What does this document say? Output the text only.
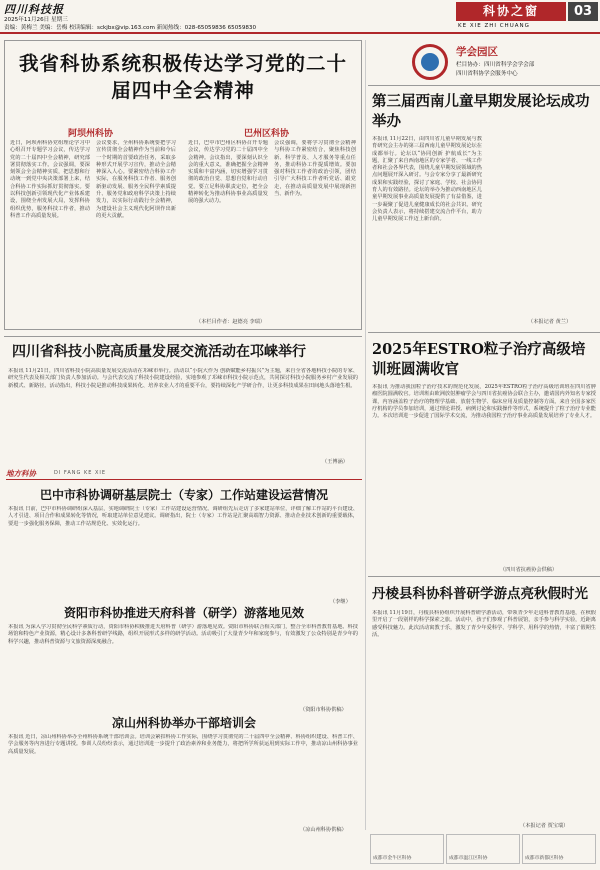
四川科技报
2025年11月26日 星期三
责编：黄梅兰 美编：岳梅 校读编辑：sckjbx@vip.163.com 新闻热线：028-65059836 65059830
科协之窗	03
KE XIE ZHI CHUANG
我省科协系统积极传达学习党的二十届四中全会精神
阿坝州科协	巴州区科协
近日，阿坝州科协党组理论学习中心组召开专题学习会议，传达学习党的二十届四中全会精神，研究部署贯彻落实工作。会议强调，要深刻领会全会精神实质，把思想和行动统一到党中央决策部署上来，结合科协工作实际抓好贯彻落实。要以科技创新引领现代化产业体系建设，围绕全州发展大局，发挥科协组织优势，服务科技工作者，推动科普工作高质量发展。
会议要求，全州科协系统要把学习宣传贯彻全会精神作为当前和今后一个时期的首要政治任务，采取多种形式开展学习宣传，推动全会精神深入人心。要紧密结合科协工作实际，在服务科技工作者、服务创新驱动发展、服务全民科学素质提升、服务党和政府科学决策上持续发力，以实际行动践行全会精神，为建设社会主义现代化阿坝作出新的更大贡献。
近日，巴中市巴州区科协召开专题会议，传达学习党的二十届四中全会精神。会议指出，要深刻认识全会的重大意义，准确把握全会精神实质和丰富内涵，切实增强学习贯彻的政治自觉、思想自觉和行动自觉。要立足科协职责定位，把全会精神转化为推动科协事业高质量发展的强大动力。
会议强调，要将学习贯彻全会精神与科协工作紧密结合，聚焦科技创新、科学普及、人才服务等重点任务，推动科协工作提质增效。要加强对科技工作者的政治引领，团结引导广大科技工作者听党话、跟党走，在推动高质量发展中展现新担当、新作为。
（本栏目作者：赵德亮 李瑞）
学会园区
栏目协办：四川省科学会学会部
四川省科协学会服务中心
第三届西南儿童早期发展论坛成功举办
本报讯 11月22日，由四川省儿童早期发展与教育研究会主办的第三届西南儿童早期发展论坛在成都举行。论坛以“协同创新 护航成长”为主题，汇聚了来自西南地区的专家学者、一线工作者和社会各界代表，围绕儿童早期发展领域的热点问题展开深入研讨。与会专家分享了最新研究成果和实践经验，探讨了家庭、学校、社会协同育人的有效路径。论坛的举办为推动西南地区儿童早期发展事业高质量发展提供了有益借鉴，进一步凝聚了促进儿童健康成长的社会共识。研究会负责人表示，将持续搭建交流合作平台，助力儿童早期发展工作迈上新台阶。
（本报记者 黄兰）
四川省科技小院高质量发展交流活动在邛崃举行
本报讯 11月21日，四川省科技小院高质量发展交流活动在邛崃市举行。活动以“小院大作为 创新赋能乡村振兴”为主题，来自全省各地科技小院的专家、研究生代表及相关部门负责人参加活动。与会代表交流了科技小院建设经验，实地参观了邛崃市科技小院示范点，共同探讨科技小院服务乡村产业发展的新模式、新路径。活动指出，科技小院是推动科技成果转化、培养农业人才的重要平台，要持续深化产学研合作，让更多科技成果在田间地头落地生根。
（王博涵）
2025年ESTRO粒子治疗高级培训班圆满收官
本报讯 为推动我国粒子治疗技术的规范化发展，2025年ESTRO粒子治疗高级培训班在四川省肿瘤医院圆满收官。培训班由欧洲放射肿瘤学会与四川省抗癌协会联合主办，邀请国内外知名专家授课，内容涵盖粒子治疗的物理学基础、放射生物学、临床应用及质量控制等方面。来自全国多家医疗机构的学员参加培训，通过理论讲授、病例讨论和实践操作等形式，系统提升了粒子治疗专业能力。本次培训进一步促进了国际学术交流，为推动我国粒子治疗事业高质量发展培养了专业人才。
（四川省抗癌协会供稿）
地方科协	DI FANG KE XIE
巴中市科协调研基层院士（专家）工作站建设运营情况
本报讯 日前，巴中市科协调研组深入基层，实地调研院士（专家）工作站建设运营情况。调研组先后走访了多家建站单位，详细了解工作站的平台建设、人才引进、项目合作和成果转化等情况，听取建站单位意见建议。调研指出，院士（专家）工作站是汇聚高端智力资源、推动企业技术创新的重要载体，要进一步强化服务保障，推动工作站规范化、实效化运行。
（李继）
资阳市科协推进天府科普（研学）游落地见效
本报讯 为深入学习贯彻全民科学素质行动，资阳市科协积极推进天府科普（研学）游落地见效。资阳市科协联合相关部门，整合全市科普教育基地、科技场馆和特色产业资源，精心设计多条科普研学线路，组织开展形式多样的研学活动。活动吸引了大量青少年和家庭参与，有效激发了公众特别是青少年的科学兴趣，推动科普资源与文旅资源深度融合。
（资阳市科协供稿）
凉山州科协举办干部培训会
本报讯 近日，凉山州科协举办全州科协系统干部培训会。培训会紧扣科协工作实际，围绕学习贯彻党的二十届四中全会精神、科协组织建设、科普工作、学会服务等内容进行专题讲授。参训人员纷纷表示，通过培训进一步提升了政治素养和业务能力，将把所学所获运用到实际工作中，推动凉山州科协事业高质量发展。
（凉山州科协供稿）
丹棱县科协科普研学游点亮秋假时光
本报讯 11月19日，丹棱县科协组织开展科普研学游活动，带领青少年走进科普教育基地，在秋假里开启了一段别样的科学探索之旅。活动中，孩子们参观了科普展馆，亲手参与科学实验，近距离感受科技魅力。此次活动寓教于乐，激发了青少年爱科学、学科学、用科学的热情，丰富了假期生活。
（本报记者 贾宝瑞）
成都市金牛区科协	成都市温江区科协	成都市新都区科协
